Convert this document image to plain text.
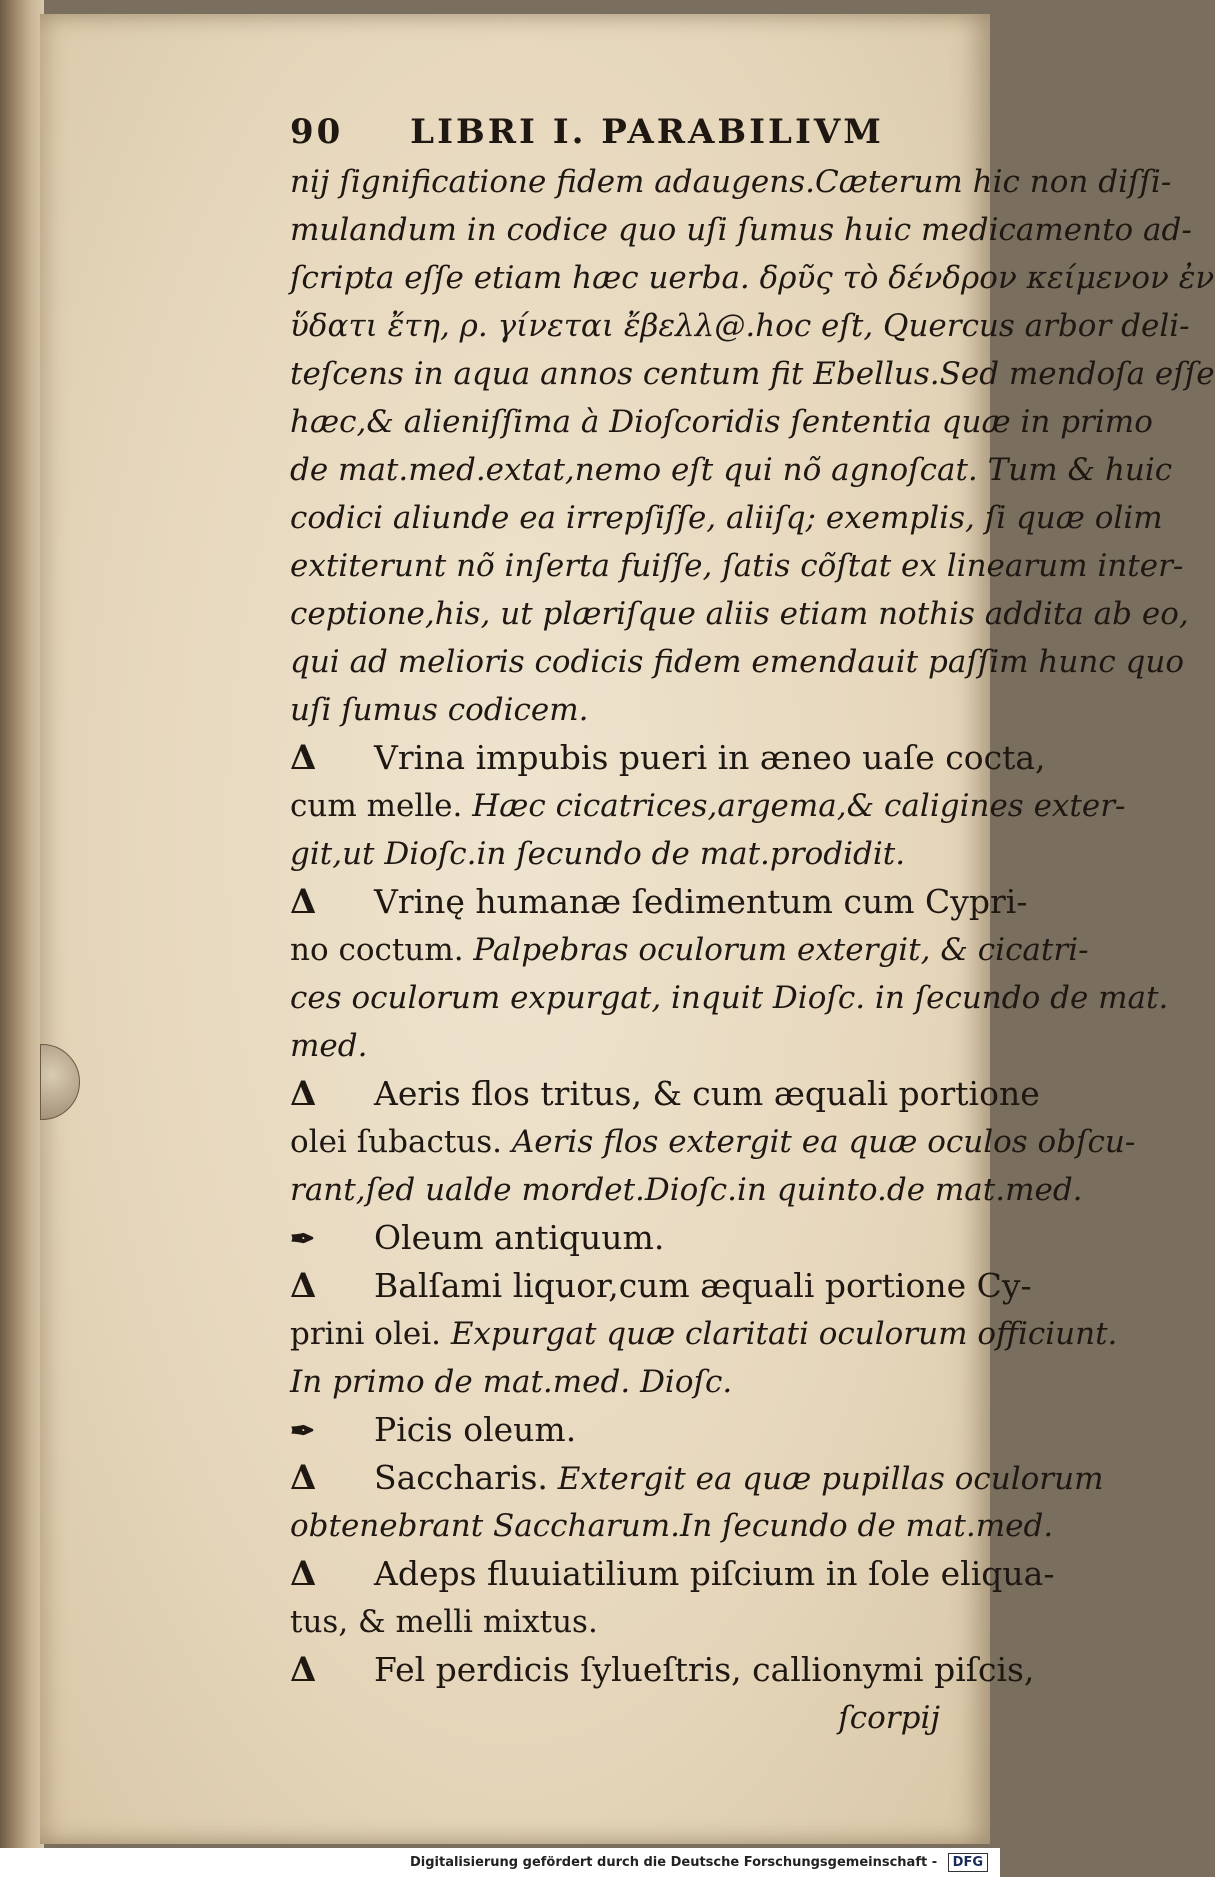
90 LIBRI I. PARABILIVM
nij ſignificatione fidem adaugens.Cæterum hic non diſſi-
mulandum in codice quo uſi ſumus huic medicamento ad-
ſcripta eſſe etiam hæc uerba. δρῦς τὸ δένδρον κείμενον ἐν
ὕδατι ἔτη, ρ. γίνεται ἔβελλ@.hoc eſt, Quercus arbor deli-
teſcens in aqua annos centum fit Ebellus.Sed mendoſa eſſe
hæc,& alieniſſima à Dioſcoridis ſententia quæ in primo
de mat.med.extat,nemo eſt qui nõ agnoſcat. Tum & huic
codici aliunde ea irrepſiſſe, aliiſq; exemplis, ſi quæ olim
extiterunt nõ inſerta fuiſſe, ſatis cõſtat ex linearum inter-
ceptione,his, ut plæriſque aliis etiam nothis addita ab eo,
qui ad melioris codicis fidem emendauit paſſim hunc quo
uſi ſumus codicem.
Δ Vrina impubis pueri in æneo uaſe cocta,
cum melle. Hæc cicatrices,argema,& caligines exter-
git,ut Dioſc.in ſecundo de mat.prodidit.
Δ Vrinę humanæ ſedimentum cum Cypri-
no coctum. Palpebras oculorum extergit, & cicatri-
ces oculorum expurgat, inquit Dioſc. in ſecundo de mat.
med.
Δ Aeris flos tritus, & cum æquali portione
olei ſubactus. Aeris flos extergit ea quæ oculos obſcu-
rant,ſed ualde mordet.Dioſc.in quinto.de mat.med.
✒ Oleum antiquum.
Δ Balſami liquor,cum æquali portione Cy-
prini olei. Expurgat quæ claritati oculorum officiunt.
In primo de mat.med. Dioſc.
✒ Picis oleum.
Δ Saccharis. Extergit ea quæ pupillas oculorum
obtenebrant Saccharum.In ſecundo de mat.med.
Δ Adeps fluuiatilium piſcium in ſole eliqua-
tus, & melli mixtus.
Δ Fel perdicis ſylueſtris, callionymi piſcis,
ſcorpij
Digitalisierung gefördert durch die Deutsche Forschungsgemeinschaft - DFG
